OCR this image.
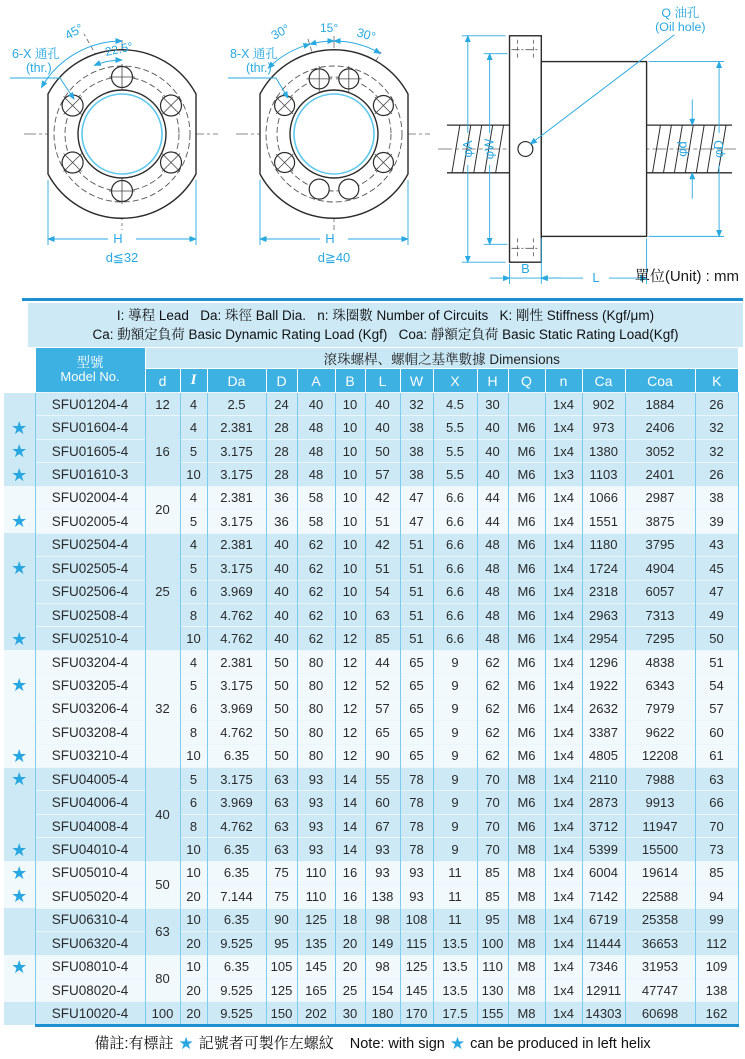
45°
22.5°
6-X 通孔
(thr.)
H
d≦32
30° 15° 30°
8-X 通孔
(thr.)
H
d≧40
Q 油孔
(Oil hole)
φA φW	φd φD
B
L 單位(Unit) : mm
I: 導程 Lead   Da: 珠徑 Ball Dia.   n: 珠圈數 Number of Circuits   K: 剛性 Stiffness (Kgf/μm)
Ca: 動額定負荷 Basic Dynamic Rating Load (Kgf)   Coa: 靜額定負荷 Basic Static Rating Load(Kgf)

	型號
Model No.	滾珠螺桿、螺帽之基準數據 Dimensions														
		d	I	Da	D	A	B	L	W	X	H	Q	n	Ca	Coa	K
	SFU01204-4	12	4	2.5	24	40	10	40	32	4.5	30		1x4	902	1884	26
★	SFU01604-4	16	4	2.381	28	48	10	40	38	5.5	40	M6	1x4	973	2406	32
★	SFU01605-4		5	3.175	28	48	10	50	38	5.5	40	M6	1x4	1380	3052	32
★	SFU01610-3		10	3.175	28	48	10	57	38	5.5	40	M6	1x3	1103	2401	26
	SFU02004-4	20	4	2.381	36	58	10	42	47	6.6	44	M6	1x4	1066	2987	38
★	SFU02005-4		5	3.175	36	58	10	51	47	6.6	44	M6	1x4	1551	3875	39
	SFU02504-4	25	4	2.381	40	62	10	42	51	6.6	48	M6	1x4	1180	3795	43
★	SFU02505-4		5	3.175	40	62	10	51	51	6.6	48	M6	1x4	1724	4904	45
	SFU02506-4		6	3.969	40	62	10	54	51	6.6	48	M6	1x4	2318	6057	47
	SFU02508-4		8	4.762	40	62	10	63	51	6.6	48	M6	1x4	2963	7313	49
★	SFU02510-4		10	4.762	40	62	12	85	51	6.6	48	M6	1x4	2954	7295	50
	SFU03204-4	32	4	2.381	50	80	12	44	65	9	62	M6	1x4	1296	4838	51
★	SFU03205-4		5	3.175	50	80	12	52	65	9	62	M6	1x4	1922	6343	54
	SFU03206-4		6	3.969	50	80	12	57	65	9	62	M6	1x4	2632	7979	57
	SFU03208-4		8	4.762	50	80	12	65	65	9	62	M6	1x4	3387	9622	60
★	SFU03210-4		10	6.35	50	80	12	90	65	9	62	M6	1x4	4805	12208	61
★	SFU04005-4	40	5	3.175	63	93	14	55	78	9	70	M8	1x4	2110	7988	63
	SFU04006-4		6	3.969	63	93	14	60	78	9	70	M6	1x4	2873	9913	66
	SFU04008-4		8	4.762	63	93	14	67	78	9	70	M6	1x4	3712	11947	70
★	SFU04010-4		10	6.35	63	93	14	93	78	9	70	M8	1x4	5399	15500	73
★	SFU05010-4	50	10	6.35	75	110	16	93	93	11	85	M8	1x4	6004	19614	85
★	SFU05020-4		20	7.144	75	110	16	138	93	11	85	M8	1x4	7142	22588	94
	SFU06310-4	63	10	6.35	90	125	18	98	108	11	95	M8	1x4	6719	25358	99
	SFU06320-4		20	9.525	95	135	20	149	115	13.5	100	M8	1x4	11444	36653	112
★	SFU08010-4	80	10	6.35	105	145	20	98	125	13.5	110	M8	1x4	7346	31953	109
	SFU08020-4		20	9.525	125	165	25	154	145	13.5	130	M8	1x4	12911	47747	138
	SFU10020-4	100	20	9.525	150	202	30	180	170	17.5	155	M8	1x4	14303	60698	162
備註:有標註 ★ 記號者可製作左螺紋 Note: with sign ★ can be produced in left helix
